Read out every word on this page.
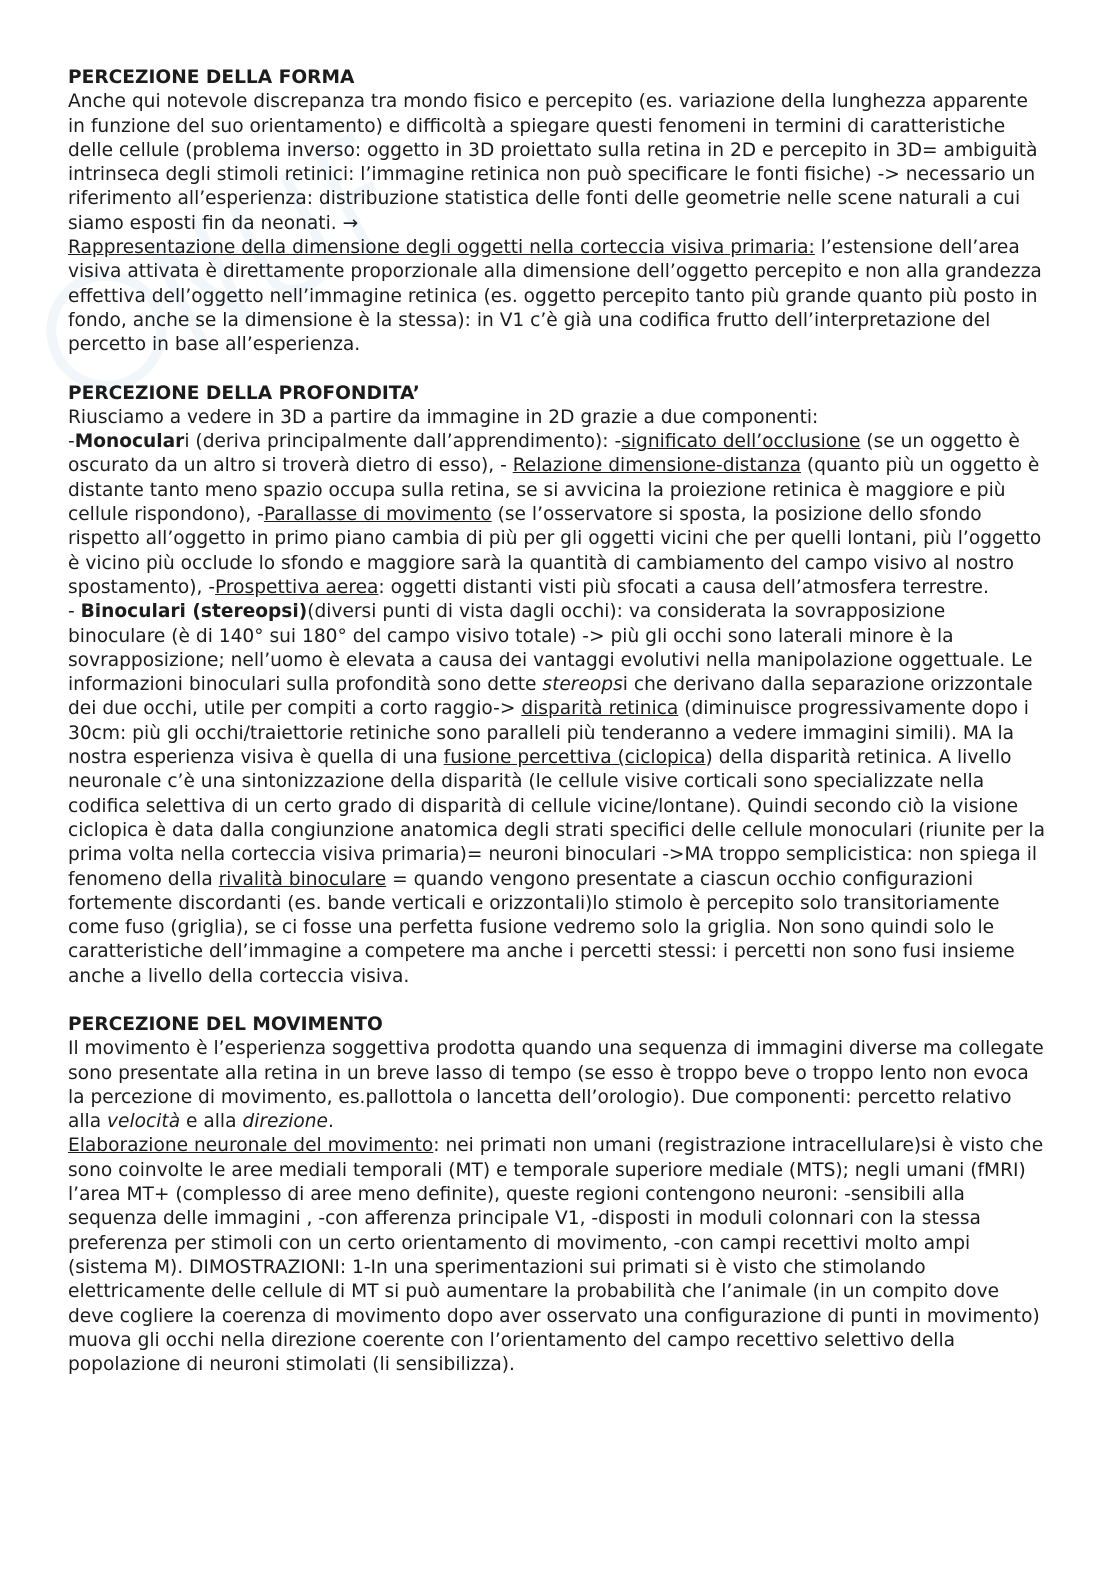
PERCEZIONE DELLA FORMA
Anche qui notevole discrepanza tra mondo fisico e percepito (es. variazione della lunghezza apparente in funzione del suo orientamento) e difficoltà a spiegare questi fenomeni in termini di caratteristiche delle cellule (problema inverso: oggetto in 3D proiettato sulla retina in 2D e percepito in 3D= ambiguità intrinseca degli stimoli retinici: l’immagine retinica non può specificare le fonti fisiche) -> necessario un riferimento all’esperienza: distribuzione statistica delle fonti delle geometrie nelle scene naturali a cui siamo esposti fin da neonati. →
Rappresentazione della dimensione degli oggetti nella corteccia visiva primaria: l’estensione dell’area visiva attivata è direttamente proporzionale alla dimensione dell’oggetto percepito e non alla grandezza effettiva dell’oggetto nell’immagine retinica (es. oggetto percepito tanto più grande quanto più posto in fondo, anche se la dimensione è la stessa): in V1 c’è già una codifica frutto dell’interpretazione del percetto in base all’esperienza.
PERCEZIONE DELLA PROFONDITA’
Riusciamo a vedere in 3D a partire da immagine in 2D grazie a due componenti:
-Monoculari (deriva principalmente dall’apprendimento): -significato dell’occlusione (se un oggetto è oscurato da un altro si troverà dietro di esso), - Relazione dimensione-distanza (quanto più un oggetto è distante tanto meno spazio occupa sulla retina, se si avvicina la proiezione retinica è maggiore e più cellule rispondono), -Parallasse di movimento (se l’osservatore si sposta, la posizione dello sfondo rispetto all’oggetto in primo piano cambia di più per gli oggetti vicini che per quelli lontani, più l’oggetto è vicino più occlude lo sfondo e maggiore sarà la quantità di cambiamento del campo visivo al nostro spostamento), -Prospettiva aerea: oggetti distanti visti più sfocati a causa dell’atmosfera terrestre.
- Binoculari (stereopsi)(diversi punti di vista dagli occhi): va considerata la sovrapposizione binoculare (è di 140° sui 180° del campo visivo totale) -> più gli occhi sono laterali minore è la sovrapposizione; nell’uomo è elevata a causa dei vantaggi evolutivi nella manipolazione oggettuale. Le informazioni binoculari sulla profondità sono dette stereopsi che derivano dalla separazione orizzontale dei due occhi, utile per compiti a corto raggio-> disparità retinica (diminuisce progressivamente dopo i 30cm: più gli occhi/traiettorie retiniche sono paralleli più tenderanno a vedere immagini simili). MA la nostra esperienza visiva è quella di una fusione percettiva (ciclopica) della disparità retinica. A livello neuronale c’è una sintonizzazione della disparità (le cellule visive corticali sono specializzate nella codifica selettiva di un certo grado di disparità di cellule vicine/lontane). Quindi secondo ciò la visione ciclopica è data dalla congiunzione anatomica degli strati specifici delle cellule monoculari (riunite per la prima volta nella corteccia visiva primaria)= neuroni binoculari ->MA troppo semplicistica: non spiega il fenomeno della rivalità binoculare = quando vengono presentate a ciascun occhio configurazioni fortemente discordanti (es. bande verticali e orizzontali)lo stimolo è percepito solo transitoriamente come fuso (griglia), se ci fosse una perfetta fusione vedremo solo la griglia. Non sono quindi solo le caratteristiche dell’immagine a competere ma anche i percetti stessi: i percetti non sono fusi insieme anche a livello della corteccia visiva.
PERCEZIONE DEL MOVIMENTO
Il movimento è l’esperienza soggettiva prodotta quando una sequenza di immagini diverse ma collegate sono presentate alla retina in un breve lasso di tempo (se esso è troppo beve o troppo lento non evoca la percezione di movimento, es.pallottola o lancetta dell’orologio). Due componenti: percetto relativo alla velocità e alla direzione.
Elaborazione neuronale del movimento: nei primati non umani (registrazione intracellulare)si è visto che sono coinvolte le aree mediali temporali (MT) e temporale superiore mediale (MTS); negli umani (fMRI) l’area MT+ (complesso di aree meno definite), queste regioni contengono neuroni: -sensibili alla sequenza delle immagini , -con afferenza principale V1, -disposti in moduli colonnari con la stessa preferenza per stimoli con un certo orientamento di movimento, -con campi recettivi molto ampi (sistema M). DIMOSTRAZIONI: 1-In una sperimentazioni sui primati si è visto che stimolando elettricamente delle cellule di MT si può aumentare la probabilità che l’animale (in un compito dove deve cogliere la coerenza di movimento dopo aver osservato una configurazione di punti in movimento) muova gli occhi nella direzione coerente con l’orientamento del campo recettivo selettivo della popolazione di neuroni stimolati (li sensibilizza).
